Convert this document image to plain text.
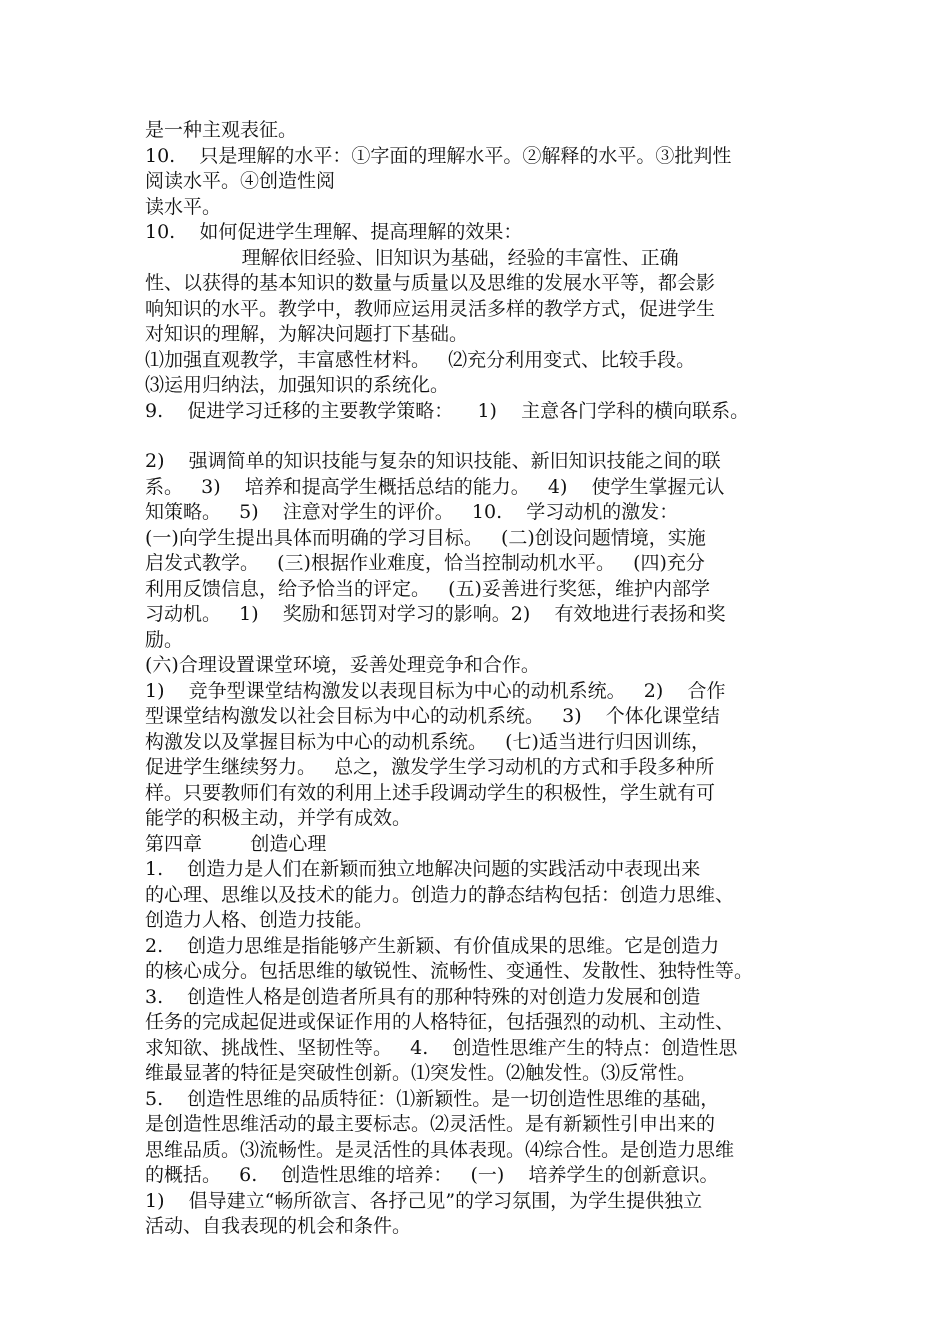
是一种主观表征。
10.    只是理解的水平：①字面的理解水平。②解释的水平。③批判性
阅读水平。④创造性阅
读水平。
10.    如何促进学生理解、提高理解的效果：
理解依旧经验、旧知识为基础，经验的丰富性、正确
性、以获得的基本知识的数量与质量以及思维的发展水平等，都会影
响知识的水平。教学中，教师应运用灵活多样的教学方式，促进学生
对知识的理解，为解决问题打下基础。
⑴加强直观教学，丰富感性材料。   ⑵充分利用变式、比较手段。
⑶运用归纳法，加强知识的系统化。
9.    促进学习迁移的主要教学策略：    1)    主意各门学科的横向联系。
2)    强调简单的知识技能与复杂的知识技能、新旧知识技能之间的联
系。   3)    培养和提高学生概括总结的能力。   4)    使学生掌握元认
知策略。   5)    注意对学生的评价。   10.    学习动机的激发：
(一)向学生提出具体而明确的学习目标。   (二)创设问题情境，实施
启发式教学。   (三)根据作业难度，恰当控制动机水平。   (四)充分
利用反馈信息，给予恰当的评定。   (五)妥善进行奖惩，维护内部学
习动机。   1)    奖励和惩罚对学习的影响。2)    有效地进行表扬和奖
励。
(六)合理设置课堂环境，妥善处理竞争和合作。
1)    竞争型课堂结构激发以表现目标为中心的动机系统。   2)    合作
型课堂结构激发以社会目标为中心的动机系统。   3)    个体化课堂结
构激发以及掌握目标为中心的动机系统。   (七)适当进行归因训练，
促进学生继续努力。   总之，激发学生学习动机的方式和手段多种所
样。只要教师们有效的利用上述手段调动学生的积极性，学生就有可
能学的积极主动，并学有成效。
第四章        创造心理
1.    创造力是人们在新颖而独立地解决问题的实践活动中表现出来
的心理、思维以及技术的能力。创造力的静态结构包括：创造力思维、
创造力人格、创造力技能。
2.    创造力思维是指能够产生新颖、有价值成果的思维。它是创造力
的核心成分。包括思维的敏锐性、流畅性、变通性、发散性、独特性等。
3.    创造性人格是创造者所具有的那种特殊的对创造力发展和创造
任务的完成起促进或保证作用的人格特征，包括强烈的动机、主动性、
求知欲、挑战性、坚韧性等。   4.    创造性思维产生的特点：创造性思
维最显著的特征是突破性创新。⑴突发性。⑵触发性。⑶反常性。
5.    创造性思维的品质特征：⑴新颖性。是一切创造性思维的基础，
是创造性思维活动的最主要标志。⑵灵活性。是有新颖性引申出来的
思维品质。⑶流畅性。是灵活性的具体表现。⑷综合性。是创造力思维
的概括。   6.    创造性思维的培养：   (一)    培养学生的创新意识。
1)    倡导建立“畅所欲言、各抒己见”的学习氛围，为学生提供独立
活动、自我表现的机会和条件。
